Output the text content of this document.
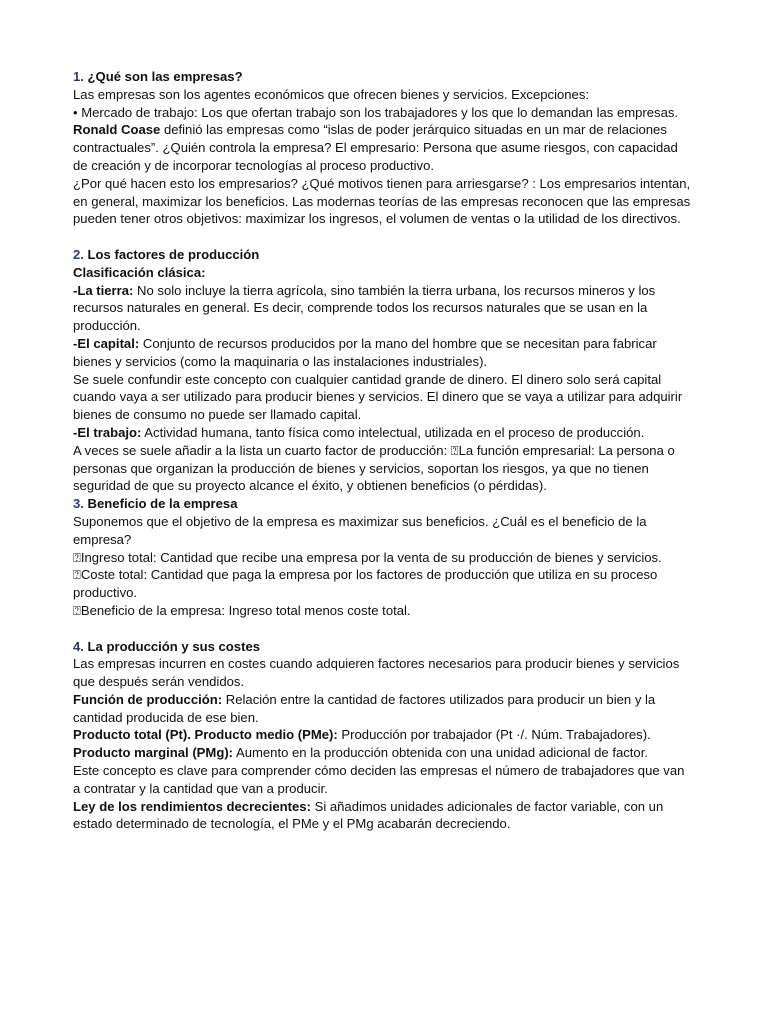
1. ¿Qué son las empresas?

Las empresas son los agentes económicos que ofrecen bienes y servicios. Excepciones:

• Mercado de trabajo: Los que ofertan trabajo son los trabajadores y los que lo demandan las empresas.

Ronald Coase definió las empresas como “islas de poder jerárquico situadas en un mar de relaciones contractuales”. ¿Quién controla la empresa? El empresario: Persona que asume riesgos, con capacidad de creación y de incorporar tecnologías al proceso productivo.

¿Por qué hacen esto los empresarios? ¿Qué motivos tienen para arriesgarse? : Los empresarios intentan, en general, maximizar los beneficios. Las modernas teorías de las empresas reconocen que las empresas pueden tener otros objetivos: maximizar los ingresos, el volumen de ventas o la utilidad de los directivos.

2. Los factores de producción

Clasificación clásica:

-La tierra: No solo incluye la tierra agrícola, sino también la tierra urbana, los recursos mineros y los recursos naturales en general. Es decir, comprende todos los recursos naturales que se usan en la producción.

-El capital: Conjunto de recursos producidos por la mano del hombre que se necesitan para fabricar bienes y servicios (como la maquinaria o las instalaciones industriales).

Se suele confundir este concepto con cualquier cantidad grande de dinero. El dinero solo será capital cuando vaya a ser utilizado para producir bienes y servicios. El dinero que se vaya a utilizar para adquirir bienes de consumo no puede ser llamado capital.

-El trabajo: Actividad humana, tanto física como intelectual, utilizada en el proceso de producción.

A veces se suele añadir a la lista un cuarto factor de producción: ⍰La función empresarial: La persona o personas que organizan la producción de bienes y servicios, soportan los riesgos, ya que no tienen seguridad de que su proyecto alcance el éxito, y obtienen beneficios (o pérdidas).

3. Beneficio de la empresa

Suponemos que el objetivo de la empresa es maximizar sus beneficios. ¿Cuál es el beneficio de la empresa?

⍰Ingreso total: Cantidad que recibe una empresa por la venta de su producción de bienes y servicios.

⍰Coste total: Cantidad que paga la empresa por los factores de producción que utiliza en su proceso productivo.

⍰Beneficio de la empresa: Ingreso total menos coste total.

4. La producción y sus costes

Las empresas incurren en costes cuando adquieren factores necesarios para producir bienes y servicios que después serán vendidos.

Función de producción: Relación entre la cantidad de factores utilizados para producir un bien y la cantidad producida de ese bien.

Producto total (Pt). Producto medio (PMe): Producción por trabajador (Pt ·/. Núm. Trabajadores).

Producto marginal (PMg): Aumento en la producción obtenida con una unidad adicional de factor.

Este concepto es clave para comprender cómo deciden las empresas el número de trabajadores que van a contratar y la cantidad que van a producir.

Ley de los rendimientos decrecientes: Si añadimos unidades adicionales de factor variable, con un estado determinado de tecnología, el PMe y el PMg acabarán decreciendo.
